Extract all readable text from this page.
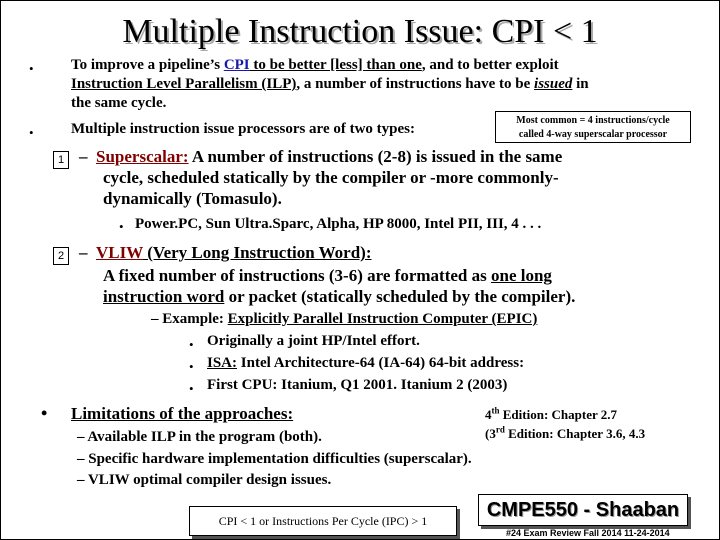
Multiple Instruction Issue: CPI < 1
• To improve a pipeline’s CPI to be better [less] than one, and to better exploit
Instruction Level Parallelism (ILP), a number of instructions have to be issued in
the same cycle.
• Multiple instruction issue processors are of two types:
Most common = 4 instructions/cycle
called 4-way superscalar processor
1 – Superscalar: A number of instructions (2-8) is issued in the same
cycle, scheduled statically by the compiler or -more commonly-
dynamically (Tomasulo).
• Power.PC, Sun Ultra.Sparc, Alpha, HP 8000, Intel PII, III, 4 . . .
2 – VLIW (Very Long Instruction Word):
A fixed number of instructions (3-6) are formatted as one long
instruction word or packet (statically scheduled by the compiler).
– Example: Explicitly Parallel Instruction Computer (EPIC)
• Originally a joint HP/Intel effort.
• ISA: Intel Architecture-64 (IA-64) 64-bit address:
• First CPU: Itanium, Q1 2001. Itanium 2 (2003)
• Limitations of the approaches:	4th Edition: Chapter 2.7
(3rd Edition: Chapter 3.6, 4.3
– Available ILP in the program (both).
– Specific hardware implementation difficulties (superscalar).
– VLIW optimal compiler design issues.
CPI < 1 or Instructions Per Cycle (IPC) > 1	CMPE550 - Shaaban
#24 Exam Review Fall 2014 11-24-2014
